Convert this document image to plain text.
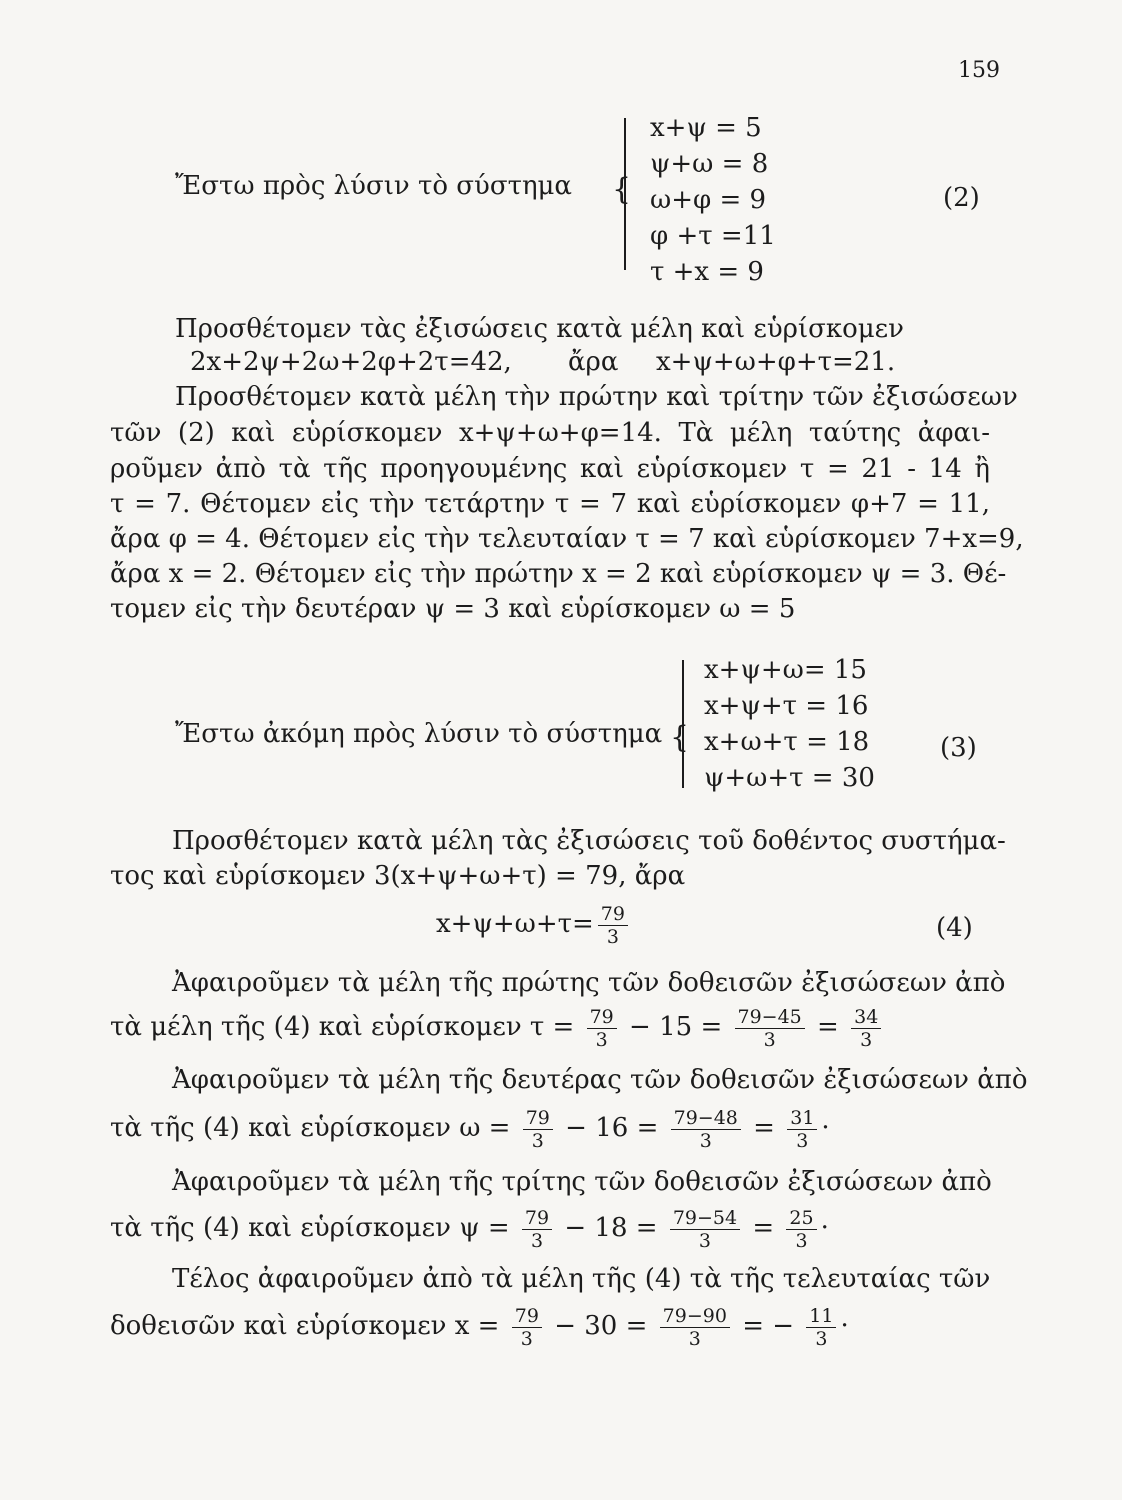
159
Ἔστω πρὸς λύσιν τὸ σύστημα {
x+ψ = 5
ψ+ω = 8
ω+φ = 9
φ +τ =11
τ +x = 9
(2)
Προσθέτομεν τὰς ἐξισώσεις κατὰ μέλη καὶ εὑρίσκομεν
2x+2ψ+2ω+2φ+2τ=42, ἄρα x+ψ+ω+φ+τ=21.
Προσθέτομεν κατὰ μέλη τὴν πρώτην καὶ τρίτην τῶν ἐξισώσεων
τῶν (2) καὶ εὑρίσκομεν x+ψ+ω+φ=14. Τὰ μέλη ταύτης ἀφαι-
ροῦμεν ἀπὸ τὰ τῆς προηγουμένης καὶ εὑρίσκομεν τ = 21 - 14 ἢ
τ = 7. Θέτομεν εἰς τὴν τετάρτην τ = 7 καὶ εὑρίσκομεν φ+7 = 11,
ἄρα φ = 4. Θέτομεν εἰς τὴν τελευταίαν τ = 7 καὶ εὑρίσκομεν 7+x=9,
ἄρα x = 2. Θέτομεν εἰς τὴν πρώτην x = 2 καὶ εὑρίσκομεν ψ = 3. Θέ-
τομεν εἰς τὴν δευτέραν ψ = 3 καὶ εὑρίσκομεν ω = 5
Ἔστω ἀκόμη πρὸς λύσιν τὸ σύστημα {
x+ψ+ω= 15
x+ψ+τ = 16
x+ω+τ = 18
ψ+ω+τ = 30
(3)
Προσθέτομεν κατὰ μέλη τὰς ἐξισώσεις τοῦ δοθέντος συστήμα-
τος καὶ εὑρίσκομεν 3(x+ψ+ω+τ) = 79, ἄρα
$x+\psi+\omega+\tau= \frac{79}{3}$	(4)
Ἀφαιροῦμεν τὰ μέλη τῆς πρώτης τῶν δοθεισῶν ἐξισώσεων ἀπὸ
τὰ μέλη τῆς (4) καὶ εὑρίσκομεν $\tau = \frac{79}{3} - 15 = \frac{79-45}{3} = \frac{34}{3}$
Ἀφαιροῦμεν τὰ μέλη τῆς δευτέρας τῶν δοθεισῶν ἐξισώσεων ἀπὸ
τὰ τῆς (4) καὶ εὑρίσκομεν $\omega = \frac{79}{3} - 16 = \frac{79-48}{3} = \frac{31}{3}$ ·
Ἀφαιροῦμεν τὰ μέλη τῆς τρίτης τῶν δοθεισῶν ἐξισώσεων ἀπὸ
τὰ τῆς (4) καὶ εὑρίσκομεν $\psi = \frac{79}{3} - 18 = \frac{79-54}{3} = \frac{25}{3}$ ·
Τέλος ἀφαιροῦμεν ἀπὸ τὰ μέλη τῆς (4) τὰ τῆς τελευταίας τῶν
δοθεισῶν καὶ εὑρίσκομεν $x = \frac{79}{3} - 30 = \frac{79-90}{3}$ = − $\frac{11}{3}$ ·
